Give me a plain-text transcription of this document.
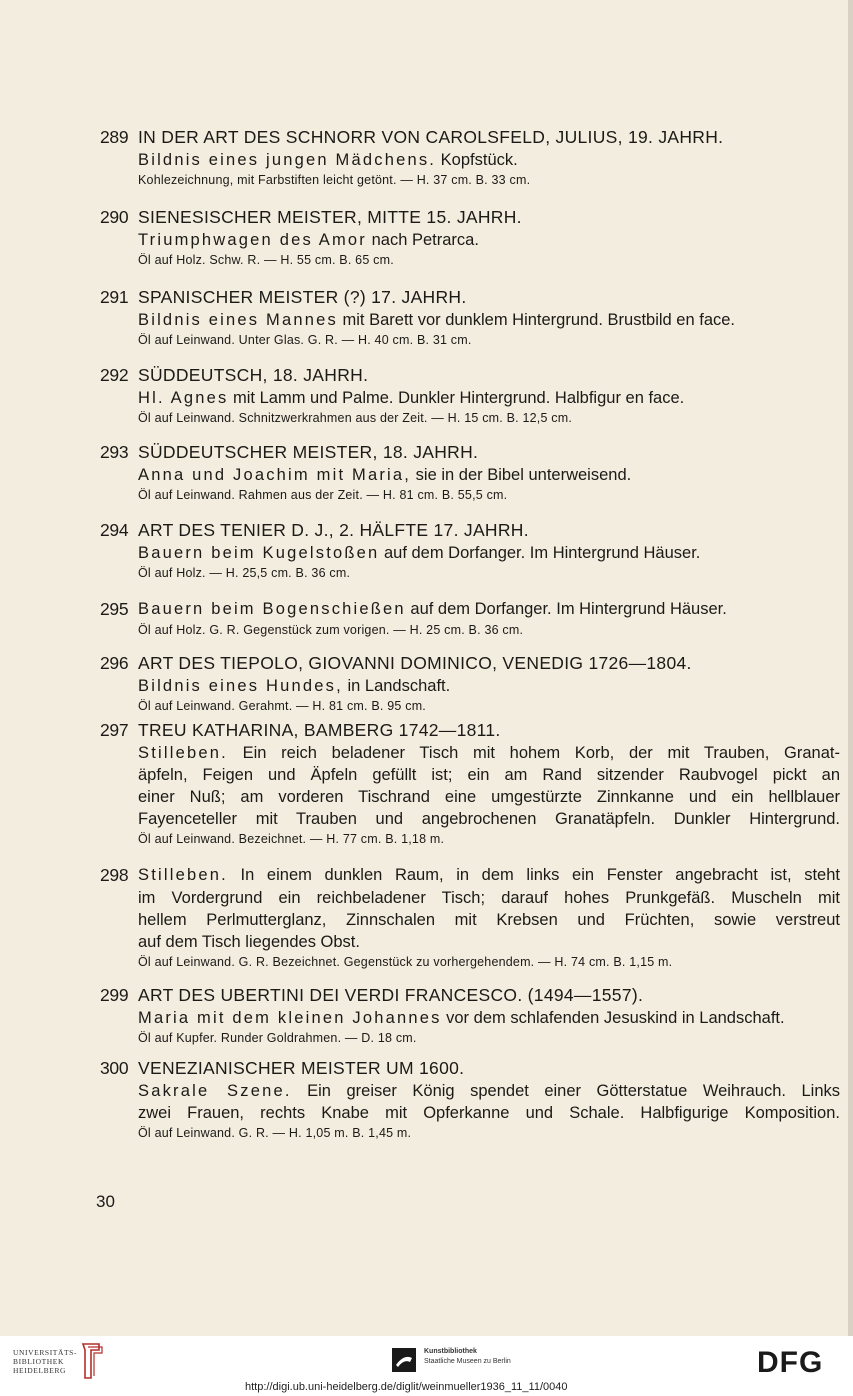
289 IN DER ART DES SCHNORR VON CAROLSFELD, JULIUS, 19. JAHRH.
Bildnis eines jungen Mädchens. Kopfstück.
Kohlezeichnung, mit Farbstiften leicht getönt. — H. 37 cm. B. 33 cm.
290 SIENESISCHER MEISTER, MITTE 15. JAHRH.
Triumphwagen des Amor nach Petrarca.
Öl auf Holz. Schw. R. — H. 55 cm. B. 65 cm.
291 SPANISCHER MEISTER (?) 17. JAHRH.
Bildnis eines Mannes mit Barett vor dunklem Hintergrund. Brustbild en face.
Öl auf Leinwand. Unter Glas. G. R. — H. 40 cm. B. 31 cm.
292 SÜDDEUTSCH, 18. JAHRH.
Hl. Agnes mit Lamm und Palme. Dunkler Hintergrund. Halbfigur en face.
Öl auf Leinwand. Schnitzwerkrahmen aus der Zeit. — H. 15 cm. B. 12,5 cm.
293 SÜDDEUTSCHER MEISTER, 18. JAHRH.
Anna und Joachim mit Maria, sie in der Bibel unterweisend.
Öl auf Leinwand. Rahmen aus der Zeit. — H. 81 cm. B. 55,5 cm.
294 ART DES TENIER D. J., 2. HÄLFTE 17. JAHRH.
Bauern beim Kugelstoßen auf dem Dorfanger. Im Hintergrund Häuser.
Öl auf Holz. — H. 25,5 cm. B. 36 cm.
295 Bauern beim Bogenschießen auf dem Dorfanger. Im Hintergrund Häuser.
Öl auf Holz. G. R. Gegenstück zum vorigen. — H. 25 cm. B. 36 cm.
296 ART DES TIEPOLO, GIOVANNI DOMINICO, VENEDIG 1726—1804.
Bildnis eines Hundes, in Landschaft.
Öl auf Leinwand. Gerahmt. — H. 81 cm. B. 95 cm.
297 TREU KATHARINA, BAMBERG 1742—1811.
Stilleben. Ein reich beladener Tisch mit hohem Korb, der mit Trauben, Granat-
äpfeln, Feigen und Äpfeln gefüllt ist; ein am Rand sitzender Raubvogel pickt an
einer Nuß; am vorderen Tischrand eine umgestürzte Zinnkanne und ein hellblauer
Fayenceteller mit Trauben und angebrochenen Granatäpfeln. Dunkler Hintergrund.
Öl auf Leinwand. Bezeichnet. — H. 77 cm. B. 1,18 m.
298 Stilleben. In einem dunklen Raum, in dem links ein Fenster angebracht ist, steht
im Vordergrund ein reichbeladener Tisch; darauf hohes Prunkgefäß. Muscheln mit
hellem Perlmutterglanz, Zinnschalen mit Krebsen und Früchten, sowie verstreut
auf dem Tisch liegendes Obst.
Öl auf Leinwand. G. R. Bezeichnet. Gegenstück zu vorhergehendem. — H. 74 cm. B. 1,15 m.
299 ART DES UBERTINI DEI VERDI FRANCESCO. (1494—1557).
Maria mit dem kleinen Johannes vor dem schlafenden Jesuskind in Landschaft.
Öl auf Kupfer. Runder Goldrahmen. — D. 18 cm.
300 VENEZIANISCHER MEISTER UM 1600.
Sakrale Szene. Ein greiser König spendet einer Götterstatue Weihrauch. Links
zwei Frauen, rechts Knabe mit Opferkanne und Schale. Halbfigurige Komposition.
Öl auf Leinwand. G. R. — H. 1,05 m. B. 1,45 m.
30
UNIVERSITÄTS-
BIBLIOTHEK
HEIDELBERG
Kunstbibliothek
Staatliche Museen zu Berlin	DFG
http://digi.ub.uni-heidelberg.de/diglit/weinmueller1936_11_11/0040
